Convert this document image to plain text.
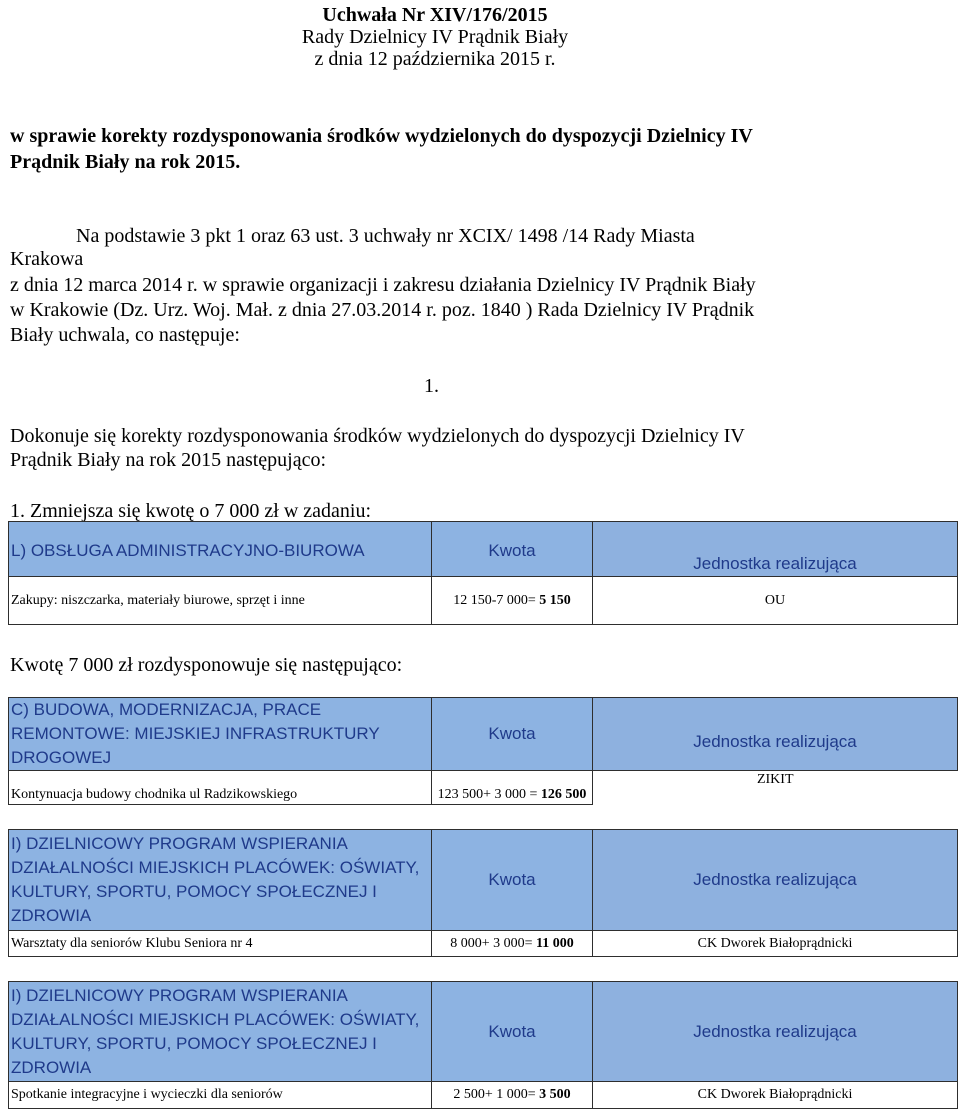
Uchwała Nr XIV/176/2015
Rady Dzielnicy IV Prądnik Biały
z dnia 12 października 2015 r.
w sprawie korekty rozdysponowania środków wydzielonych do dyspozycji Dzielnicy IV
Prądnik Biały na rok 2015.
Na podstawie 3 pkt 1 oraz 63 ust. 3 uchwały nr XCIX/ 1498 /14 Rady Miasta
Krakowa
z dnia 12 marca 2014 r. w sprawie organizacji i zakresu działania Dzielnicy IV Prądnik Biały
w Krakowie (Dz. Urz. Woj. Mał. z dnia 27.03.2014 r. poz. 1840 ) Rada Dzielnicy IV Prądnik
Biały uchwala, co następuje:
1.
Dokonuje się korekty rozdysponowania środków wydzielonych do dyspozycji Dzielnicy IV
Prądnik Biały na rok 2015 następująco:
1. Zmniejsza się kwotę o 7 000 zł w zadaniu:
L) OBSŁUGA ADMINISTRACYJNO-BIUROWA	Kwota	Jednostka realizująca

Zakupy: niszczarka, materiały biurowe, sprzęt i inne	12 150-7 000= 5 150	OU
Kwotę 7 000 zł rozdysponowuje się następująco:
C) BUDOWA, MODERNIZACJA, PRACE
REMONTOWE: MIEJSKIEJ INFRASTRUKTURY
DROGOWEJ	Kwota	Jednostka realizująca

Kontynuacja budowy chodnika ul Radzikowskiego	123 500+ 3 000 = 126 500	ZIKIT
I) DZIELNICOWY PROGRAM WSPIERANIA
DZIAŁALNOŚCI MIEJSKICH PLACÓWEK: OŚWIATY,
KULTURY, SPORTU, POMOCY SPOŁECZNEJ I
ZDROWIA	Kwota	Jednostka realizująca

Warsztaty dla seniorów Klubu Seniora nr 4	8 000+ 3 000= 11 000	CK Dworek Białoprądnicki
I) DZIELNICOWY PROGRAM WSPIERANIA
DZIAŁALNOŚCI MIEJSKICH PLACÓWEK: OŚWIATY,
KULTURY, SPORTU, POMOCY SPOŁECZNEJ I
ZDROWIA	Kwota	Jednostka realizująca

Spotkanie integracyjne i wycieczki dla seniorów	2 500+ 1 000= 3 500	CK Dworek Białoprądnicki
